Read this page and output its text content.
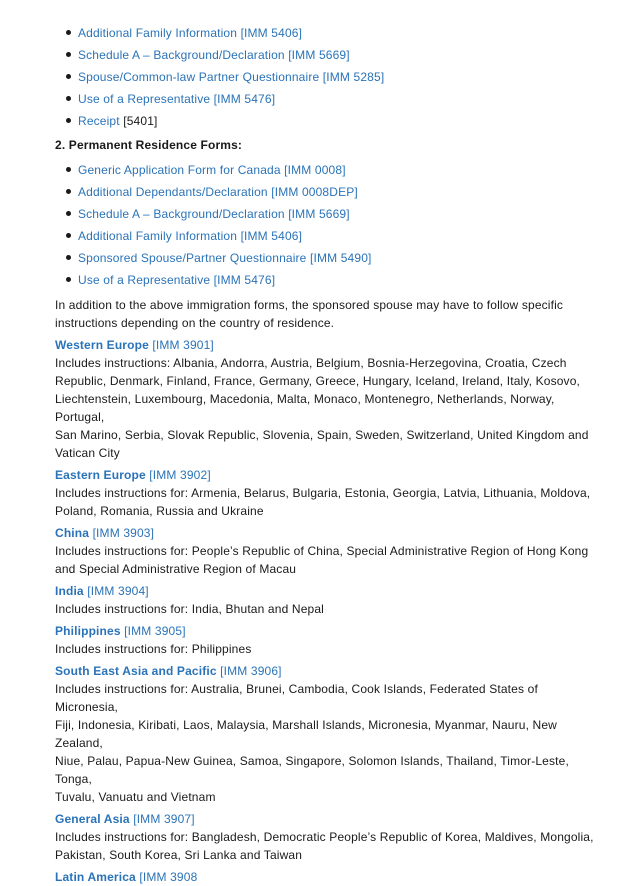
Additional Family Information [IMM 5406]
Schedule A – Background/Declaration [IMM 5669]
Spouse/Common-law Partner Questionnaire [IMM 5285]
Use of a Representative [IMM 5476]
Receipt [5401]
2. Permanent Residence Forms:
Generic Application Form for Canada [IMM 0008]
Additional Dependants/Declaration [IMM 0008DEP]
Schedule A – Background/Declaration [IMM 5669]
Additional Family Information [IMM 5406]
Sponsored Spouse/Partner Questionnaire [IMM 5490]
Use of a Representative [IMM 5476]

In addition to the above immigration forms, the sponsored spouse may have to follow specific instructions depending on the country of residence.

Western Europe [IMM 3901]
Includes instructions: Albania, Andorra, Austria, Belgium, Bosnia-Herzegovina, Croatia, Czech
Republic, Denmark, Finland, France, Germany, Greece, Hungary, Iceland, Ireland, Italy, Kosovo,
Liechtenstein, Luxembourg, Macedonia, Malta, Monaco, Montenegro, Netherlands, Norway, Portugal,
San Marino, Serbia, Slovak Republic, Slovenia, Spain, Sweden, Switzerland, United Kingdom and
Vatican City
Eastern Europe [IMM 3902]
Includes instructions for: Armenia, Belarus, Bulgaria, Estonia, Georgia, Latvia, Lithuania, Moldova,
Poland, Romania, Russia and Ukraine
China [IMM 3903]
Includes instructions for: People’s Republic of China, Special Administrative Region of Hong Kong
and Special Administrative Region of Macau
India [IMM 3904]
Includes instructions for: India, Bhutan and Nepal
Philippines [IMM 3905]
Includes instructions for: Philippines
South East Asia and Pacific [IMM 3906]
Includes instructions for: Australia, Brunei, Cambodia, Cook Islands, Federated States of Micronesia,
Fiji, Indonesia, Kiribati, Laos, Malaysia, Marshall Islands, Micronesia, Myanmar, Nauru, New Zealand,
Niue, Palau, Papua-New Guinea, Samoa, Singapore, Solomon Islands, Thailand, Timor-Leste, Tonga,
Tuvalu, Vanuatu and Vietnam
General Asia [IMM 3907]
Includes instructions for: Bangladesh, Democratic People’s Republic of Korea, Maldives, Mongolia,
Pakistan, South Korea, Sri Lanka and Taiwan
Latin America [IMM 3908
